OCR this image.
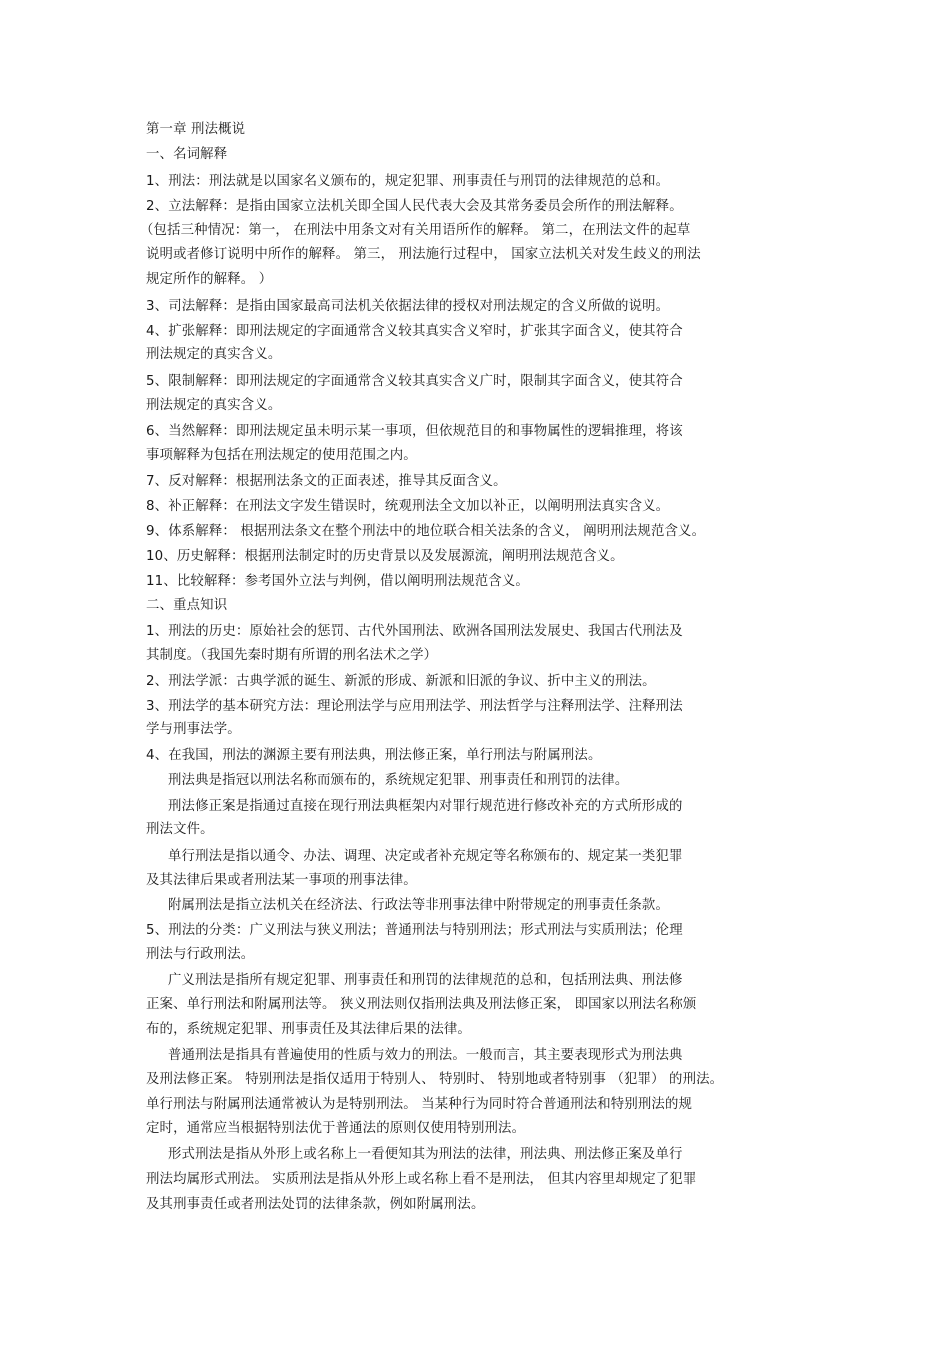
第一章 刑法概说
一、名词解释
1、刑法：刑法就是以国家名义颁布的，规定犯罪、刑事责任与刑罚的法律规范的总和。
2、立法解释：是指由国家立法机关即全国人民代表大会及其常务委员会所作的刑法解释。
（包括三种情况：第一， 在刑法中用条文对有关用语所作的解释。 第二，在刑法文件的起草
说明或者修订说明中所作的解释。 第三， 刑法施行过程中， 国家立法机关对发生歧义的刑法
规定所作的解释。 ）
3、司法解释：是指由国家最高司法机关依据法律的授权对刑法规定的含义所做的说明。
4、扩张解释：即刑法规定的字面通常含义较其真实含义窄时，扩张其字面含义，使其符合
刑法规定的真实含义。
5、限制解释：即刑法规定的字面通常含义较其真实含义广时，限制其字面含义，使其符合
刑法规定的真实含义。
6、当然解释：即刑法规定虽未明示某一事项，但依规范目的和事物属性的逻辑推理，将该
事项解释为包括在刑法规定的使用范围之内。
7、反对解释：根据刑法条文的正面表述，推导其反面含义。
8、补正解释：在刑法文字发生错误时，统观刑法全文加以补正，以阐明刑法真实含义。
9、体系解释： 根据刑法条文在整个刑法中的地位联合相关法条的含义， 阐明刑法规范含义。
10、历史解释：根据刑法制定时的历史背景以及发展源流，阐明刑法规范含义。
11、比较解释：参考国外立法与判例，借以阐明刑法规范含义。
二、重点知识
1、刑法的历史：原始社会的惩罚、古代外国刑法、欧洲各国刑法发展史、我国古代刑法及
其制度。（我国先秦时期有所谓的刑名法术之学）
2、刑法学派：古典学派的诞生、新派的形成、新派和旧派的争议、折中主义的刑法。
3、刑法学的基本研究方法：理论刑法学与应用刑法学、刑法哲学与注释刑法学、注释刑法
学与刑事法学。
4、在我国，刑法的渊源主要有刑法典，刑法修正案，单行刑法与附属刑法。
刑法典是指冠以刑法名称而颁布的，系统规定犯罪、刑事责任和刑罚的法律。
刑法修正案是指通过直接在现行刑法典框架内对罪行规范进行修改补充的方式所形成的
刑法文件。
单行刑法是指以通令、办法、调理、决定或者补充规定等名称颁布的、规定某一类犯罪
及其法律后果或者刑法某一事项的刑事法律。
附属刑法是指立法机关在经济法、行政法等非刑事法律中附带规定的刑事责任条款。
5、刑法的分类：广义刑法与狭义刑法；普通刑法与特别刑法；形式刑法与实质刑法；伦理
刑法与行政刑法。
广义刑法是指所有规定犯罪、刑事责任和刑罚的法律规范的总和，包括刑法典、刑法修
正案、单行刑法和附属刑法等。 狭义刑法则仅指刑法典及刑法修正案， 即国家以刑法名称颁
布的，系统规定犯罪、刑事责任及其法律后果的法律。
普通刑法是指具有普遍使用的性质与效力的刑法。一般而言，其主要表现形式为刑法典
及刑法修正案。 特别刑法是指仅适用于特别人、 特别时、 特别地或者特别事 （犯罪） 的刑法。
单行刑法与附属刑法通常被认为是特别刑法。 当某种行为同时符合普通刑法和特别刑法的规
定时，通常应当根据特别法优于普通法的原则仅使用特别刑法。
形式刑法是指从外形上或名称上一看便知其为刑法的法律，刑法典、刑法修正案及单行
刑法均属形式刑法。 实质刑法是指从外形上或名称上看不是刑法， 但其内容里却规定了犯罪
及其刑事责任或者刑法处罚的法律条款，例如附属刑法。
